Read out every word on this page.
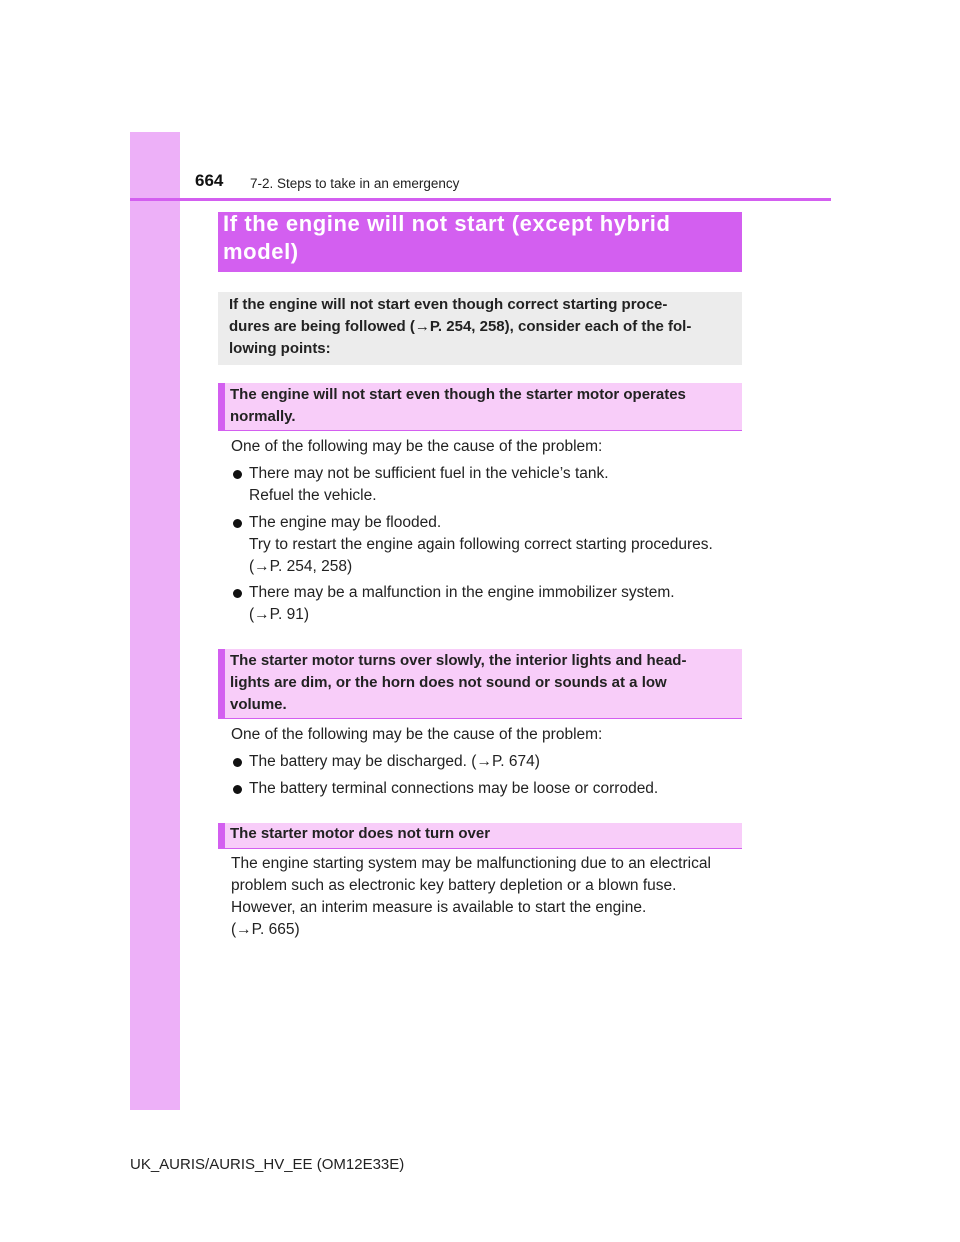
664 7-2. Steps to take in an emergency
If the engine will not start (except hybrid
model)
If the engine will not start even though correct starting proce-
dures are being followed (→P. 254, 258), consider each of the fol-
lowing points:
The engine will not start even though the starter motor operates
normally.
One of the following may be the cause of the problem:
There may not be sufficient fuel in the vehicle’s tank.
Refuel the vehicle.
The engine may be flooded.
Try to restart the engine again following correct starting procedures.
(→P. 254, 258)
There may be a malfunction in the engine immobilizer system.
(→P. 91)
The starter motor turns over slowly, the interior lights and head-
lights are dim, or the horn does not sound or sounds at a low
volume.
One of the following may be the cause of the problem:
The battery may be discharged. (→P. 674)
The battery terminal connections may be loose or corroded.
The starter motor does not turn over
The engine starting system may be malfunctioning due to an electrical
problem such as electronic key battery depletion or a blown fuse.
However, an interim measure is available to start the engine.
(→P. 665)
UK_AURIS/AURIS_HV_EE (OM12E33E)
